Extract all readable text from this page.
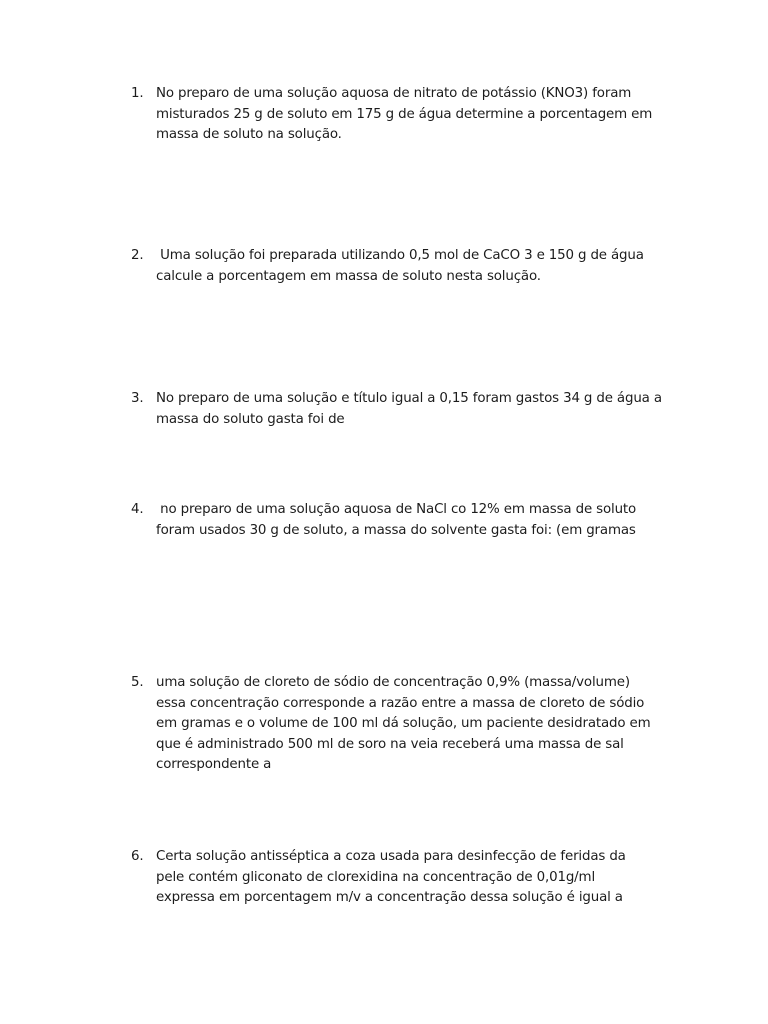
1. No preparo de uma solução aquosa de nitrato de potássio (KNO3) foram
misturados 25 g de soluto em 175 g de água determine a porcentagem em
massa de soluto na solução.
2. Uma solução foi preparada utilizando 0,5 mol de CaCO 3 e 150 g de água
calcule a porcentagem em massa de soluto nesta solução.
3. No preparo de uma solução e título igual a 0,15 foram gastos 34 g de água a
massa do soluto gasta foi de
4. no preparo de uma solução aquosa de NaCl co 12% em massa de soluto
foram usados 30 g de soluto, a massa do solvente gasta foi: (em gramas
5. uma solução de cloreto de sódio de concentração 0,9% (massa/volume)
essa concentração corresponde a razão entre a massa de cloreto de sódio
em gramas e o volume de 100 ml dá solução, um paciente desidratado em
que é administrado 500 ml de soro na veia receberá uma massa de sal
correspondente a
6. Certa solução antisséptica a coza usada para desinfecção de feridas da
pele contém gliconato de clorexidina na concentração de 0,01g/ml
expressa em porcentagem m/v a concentração dessa solução é igual a
